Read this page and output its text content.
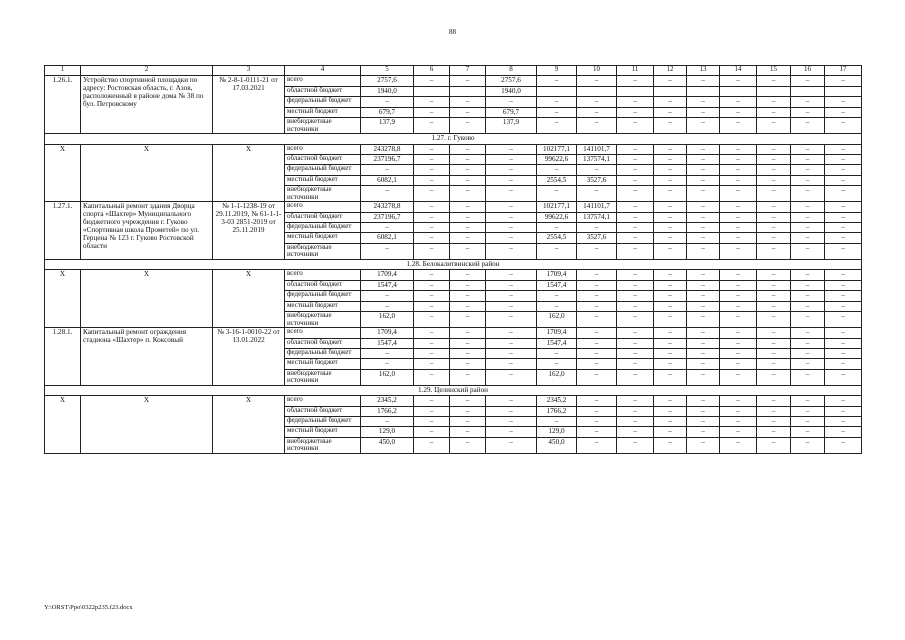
88
1	2	3	4	5	6	7	8	9	10	11	12	13	14	15	16	17
1.26.1.	Устройство спортивной площадки по адресу: Ростовская область, г. Азов, расположенный в районе дома № 38 по бул. Петровскому	№ 2-8-1-0111-21 от 17.03.2021	всего	2757,6	–	–	2757,6	–	–	–	–	–	–	–	–	–
			областной бюджет	1940,0			1940,0									
			федеральный бюджет	–	–	–	–	–	–	–	–	–	–	–	–	–
			местный бюджет	679,7	–	–	679,7	–	–	–	–	–	–	–	–	–
			внебюджетные источники	137,9	–	–	137,9	–	–	–	–	–	–	–	–	–
1.27. г. Гуково																
Х	Х	Х	всего	243278,8	–	–	–	102177,1	141101,7	–	–	–	–	–	–	–
			областной бюджет	237196,7	–	–	–	99622,6	137574,1	–	–	–	–	–	–	–
			федеральный бюджет	–	–	–	–	–	–	–	–	–	–	–	–	–
			местный бюджет	6082,1	–	–	–	2554,5	3527,6	–	–	–	–	–	–	–
			внебюджетные источники	–	–	–	–	–	–	–	–	–	–	–	–	–
1.27.1.	Капитальный ремонт здания Дворца спорта «Шахтер» Муниципального бюджетного учреждения г. Гуково «Спортивная школа Прометей» по ул. Герцена № 123 г. Гуково Ростовской области	№ 1-1-1238-19 от 29.11.2019, № 61-1-1-3-03 2851-2019 от 25.11.2019	всего	243278,8	–	–	–	102177,1	141101,7	–	–	–	–	–	–	–
			областной бюджет	237196,7	–	–	–	99622,6	137574,1	–	–	–	–	–	–	–
			федеральный бюджет	–	–	–	–	–	–	–	–	–	–	–	–	–
			местный бюджет	6082,1	–	–	–	2554,5	3527,6	–	–	–	–	–	–	–
			внебюджетные источники	–	–	–	–	–	–	–	–	–	–	–	–	–
1.28. Белокалитвинский район																
Х	Х	Х	всего	1709,4	–	–	–	1709,4	–	–	–	–	–	–	–	–
			областной бюджет	1547,4	–	–	–	1547,4	–	–	–	–	–	–	–	–
			федеральный бюджет	–	–	–	–	–	–	–	–	–	–	–	–	–
			местный бюджет	–	–	–	–	–	–	–	–	–	–	–	–	–
			внебюджетные источники	162,0	–	–	–	162,0	–	–	–	–	–	–	–	–
1.28.1.	Капитальный ремонт ограждения стадиона «Шахтер» п. Коксовый	№ 3-16-1-0010-22 от 13.01.2022	всего	1709,4	–	–	–	1709,4	–	–	–	–	–	–	–	–
			областной бюджет	1547,4	–	–	–	1547,4	–	–	–	–	–	–	–	–
			федеральный бюджет	–	–	–	–	–	–	–	–	–	–	–	–	–
			местный бюджет	–	–	–	–	–	–	–	–	–	–	–	–	–
			внебюджетные источники	162,0	–	–	–	162,0	–	–	–	–	–	–	–	–
1.29. Целинский район																
Х	Х	Х	всего	2345,2	–	–	–	2345,2	–	–	–	–	–	–	–	–
			областной бюджет	1766,2	–	–	–	1766,2	–	–	–	–	–	–	–	–
			федеральный бюджет	–	–	–	–	–	–	–	–	–	–	–	–	–
			местный бюджет	129,0	–	–	–	129,0	–	–	–	–	–	–	–	–
			внебюджетные источники	450,0	–	–	–	450,0	–	–	–	–	–	–	–	–
Y:\ORST\Ppo\0322p235.f23.docx
